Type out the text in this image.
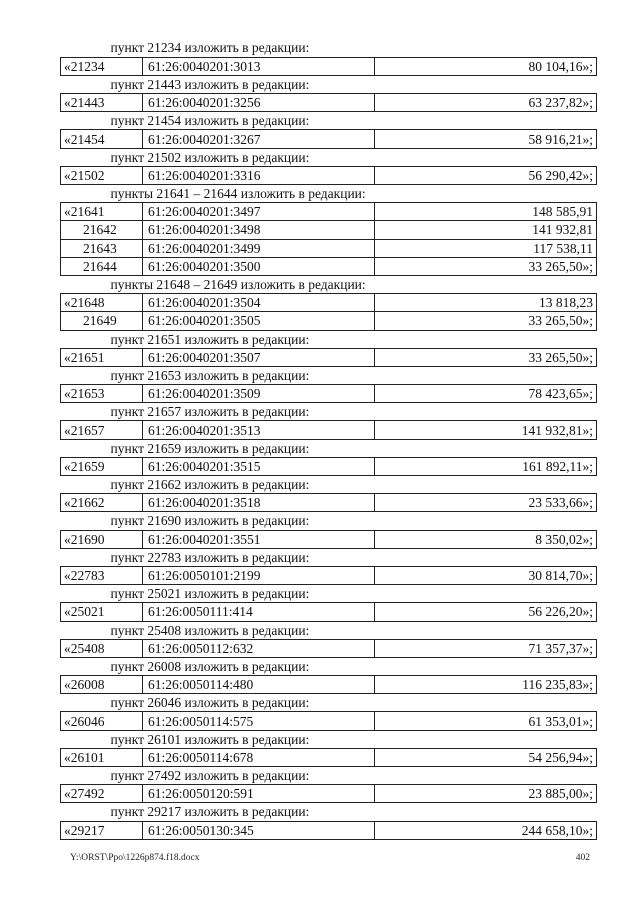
пункт 21234 изложить в редакции:		
«21234	61:26:0040201:3013	80 104,16»;
пункт 21443 изложить в редакции:		
«21443	61:26:0040201:3256	63 237,82»;
пункт 21454 изложить в редакции:		
«21454	61:26:0040201:3267	58 916,21»;
пункт 21502 изложить в редакции:		
«21502	61:26:0040201:3316	56 290,42»;
пункты 21641 – 21644 изложить в редакции:		
«21641	61:26:0040201:3497	148 585,91
21642	61:26:0040201:3498	141 932,81
21643	61:26:0040201:3499	117 538,11
21644	61:26:0040201:3500	33 265,50»;
пункты 21648 – 21649 изложить в редакции:		
«21648	61:26:0040201:3504	13 818,23
21649	61:26:0040201:3505	33 265,50»;
пункт 21651 изложить в редакции:		
«21651	61:26:0040201:3507	33 265,50»;
пункт 21653 изложить в редакции:		
«21653	61:26:0040201:3509	78 423,65»;
пункт 21657 изложить в редакции:		
«21657	61:26:0040201:3513	141 932,81»;
пункт 21659 изложить в редакции:		
«21659	61:26:0040201:3515	161 892,11»;
пункт 21662 изложить в редакции:		
«21662	61:26:0040201:3518	23 533,66»;
пункт 21690 изложить в редакции:		
«21690	61:26:0040201:3551	8 350,02»;
пункт 22783 изложить в редакции:		
«22783	61:26:0050101:2199	30 814,70»;
пункт 25021 изложить в редакции:		
«25021	61:26:0050111:414	56 226,20»;
пункт 25408 изложить в редакции:		
«25408	61:26:0050112:632	71 357,37»;
пункт 26008 изложить в редакции:		
«26008	61:26:0050114:480	116 235,83»;
пункт 26046 изложить в редакции:		
«26046	61:26:0050114:575	61 353,01»;
пункт 26101 изложить в редакции:		
«26101	61:26:0050114:678	54 256,94»;
пункт 27492 изложить в редакции:		
«27492	61:26:0050120:591	23 885,00»;
пункт 29217 изложить в редакции:		
«29217	61:26:0050130:345	244 658,10»;
Y:\ORST\Ppo\1226p874.f18.docx	402
